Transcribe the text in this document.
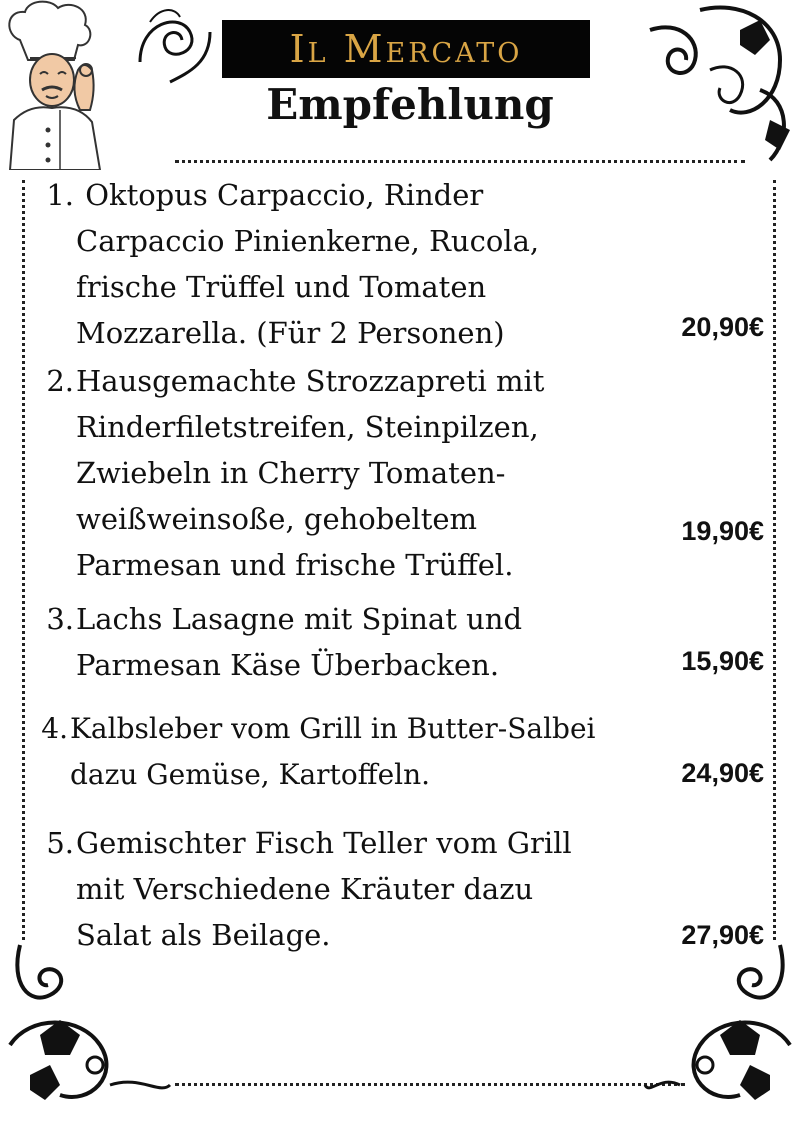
Il Mercato
Empfehlung
1. Oktopus Carpaccio, Rinder
Carpaccio Pinienkerne, Rucola,
frische Trüffel und Tomaten
Mozzarella. (Für 2 Personen)	20,90€
2. Hausgemachte Strozzapreti mit
Rinderfiletstreifen, Steinpilzen,
Zwiebeln in Cherry Tomaten-
weißweinsoße, gehobeltem
Parmesan und frische Trüffel.
19,90€
3. Lachs Lasagne mit Spinat und
Parmesan Käse Überbacken.	15,90€
4. Kalbsleber vom Grill in Butter-Salbei
dazu Gemüse, Kartoffeln.	24,90€
5. Gemischter Fisch Teller vom Grill
mit Verschiedene Kräuter dazu
Salat als Beilage.	27,90€
